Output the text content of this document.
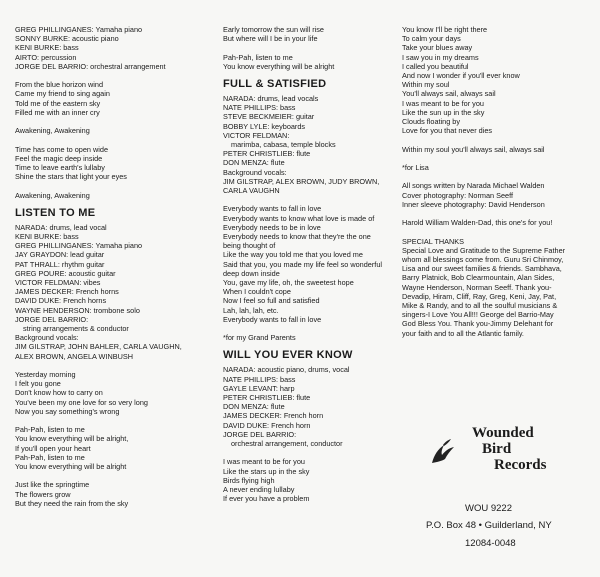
GREG PHILLINGANES: Yamaha piano
SONNY BURKE: acoustic piano
KENI BURKE: bass
AIRTO: percussion
JORGE DEL BARRIO: orchestral arrangement
From the blue horizon wind
Came my friend to sing again
Told me of the eastern sky
Filled me with an inner cry
Awakening, Awakening
Time has come to open wide
Feel the magic deep inside
Time to leave earth's lullaby
Shine the stars that light your eyes
Awakening, Awakening
LISTEN TO ME
NARADA: drums, lead vocal
KENI BURKE: bass
GREG PHILLINGANES: Yamaha piano
JAY GRAYDON: lead guitar
PAT THRALL: rhythm guitar
GREG POURE: acoustic guitar
VICTOR FELDMAN: vibes
JAMES DECKER: French horns
DAVID DUKE: French horns
WAYNE HENDERSON: trombone solo
JORGE DEL BARRIO:
string arrangements & conductor
Background vocals:
JIM GILSTRAP, JOHN BAHLER, CARLA VAUGHN,
ALEX BROWN, ANGELA WINBUSH
Yesterday morning
I felt you gone
Don't know how to carry on
You've been my one love for so very long
Now you say something's wrong
Pah-Pah, listen to me
You know everything will be alright,
If you'll open your heart
Pah-Pah, listen to me
You know everything will be alright
Just like the springtime
The flowers grow
But they need the rain from the sky
Early tomorrow the sun will rise
But where will I be in your life
Pah-Pah, listen to me
You know everything will be alright
FULL & SATISFIED
NARADA: drums, lead vocals
NATE PHILLIPS: bass
STEVE BECKMEIER: guitar
BOBBY LYLE: keyboards
VICTOR FELDMAN:
marimba, cabasa, temple blocks
PETER CHRISTLIEB: flute
DON MENZA: flute
Background vocals:
JIM GILSTRAP, ALEX BROWN, JUDY BROWN,
CARLA VAUGHN
Everybody wants to fall in love
Everybody wants to know what love is made of
Everybody needs to be in love
Everybody needs to know that they're the one
being thought of
Like the way you told me that you loved me
Said that you, you made my life feel so wonderful
deep down inside
You, gave my life, oh, the sweetest hope
When I couldn't cope
Now I feel so full and satisfied
Lah, lah, lah, etc.
Everybody wants to fall in love
*for my Grand Parents
WILL YOU EVER KNOW
NARADA: acoustic piano, drums, vocal
NATE PHILLIPS: bass
GAYLE LEVANT: harp
PETER CHRISTLIEB: flute
DON MENZA: flute
JAMES DECKER: French horn
DAVID DUKE: French horn
JORGE DEL BARRIO:
orchestral arrangement, conductor
I was meant to be for you
Like the stars up in the sky
Birds flying high
A never ending lullaby
If ever you have a problem
You know I'll be right there
To calm your days
Take your blues away
I saw you in my dreams
I called you beautiful
And now I wonder if you'll ever know
Within my soul
You'll always sail, always sail
I was meant to be for you
Like the sun up in the sky
Clouds floating by
Love for you that never dies
Within my soul you'll always sail, always sail
*for Lisa
All songs written by Narada Michael Walden
Cover photography: Norman Seeff
Inner sleeve photography: David Henderson
Harold William Walden-Dad, this one's for you!
SPECIAL THANKS
Special Love and Gratitude to the Supreme Father
whom all blessings come from. Guru Sri Chinmoy,
Lisa and our sweet families & friends. Sambhava,
Barry Platnick, Bob Clearmountain, Alan Sides,
Wayne Henderson, Norman Seeff. Thank you-
Devadip, Hiram, Cliff, Ray, Greg, Keni, Jay, Pat,
Mike & Randy, and to all the soulful musicians &
singers-I Love You All!!! George del Barrio-May
God Bless You. Thank you-Jimmy Delehant for
your faith and to all the Atlantic family.
Wounded
Bird
Records
WOU 9222
P.O. Box 48 • Guilderland, NY
12084-0048
